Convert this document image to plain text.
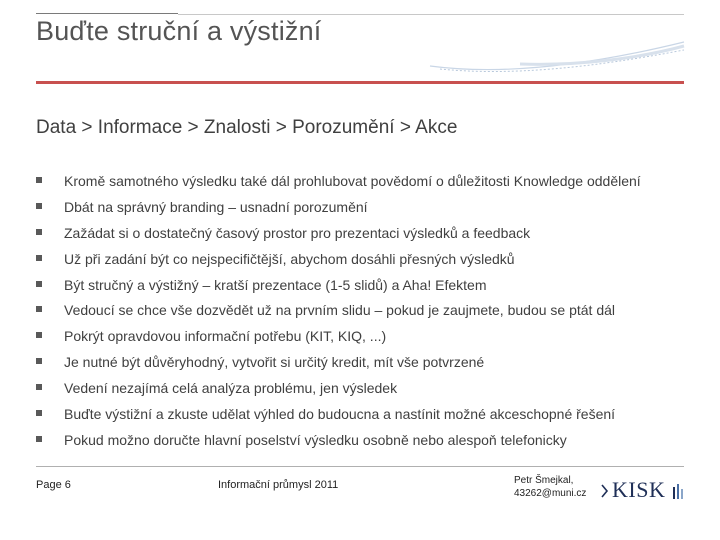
Buďte struční a výstižní
Data > Informace > Znalosti > Porozumění > Akce
Kromě samotného výsledku také dál prohlubovat povědomí o důležitosti Knowledge oddělení
Dbát na správný branding – usnadní porozumění
Zažádat si o dostatečný časový prostor pro prezentaci výsledků a feedback
Už při zadání být co nejspecifičtější, abychom dosáhli přesných výsledků
Být stručný a výstižný – kratší prezentace (1-5 slidů) a Aha! Efektem
Vedoucí se chce vše dozvědět už na prvním slidu – pokud je zaujmete, budou se ptát dál
Pokrýt opravdovou informační potřebu (KIT, KIQ, ...)
Je nutné být důvěryhodný, vytvořit si určitý kredit, mít vše potvrzené
Vedení nezajímá celá analýza problému, jen výsledek
Buďte výstižní a zkuste udělat výhled do budoucna a nastínit možné akceschopné řešení
Pokud možno doručte hlavní poselství výsledku osobně nebo alespoň telefonicky
Page 6	Informační průmysl 2011	Petr Šmejkal,
43262@muni.cz KISK
